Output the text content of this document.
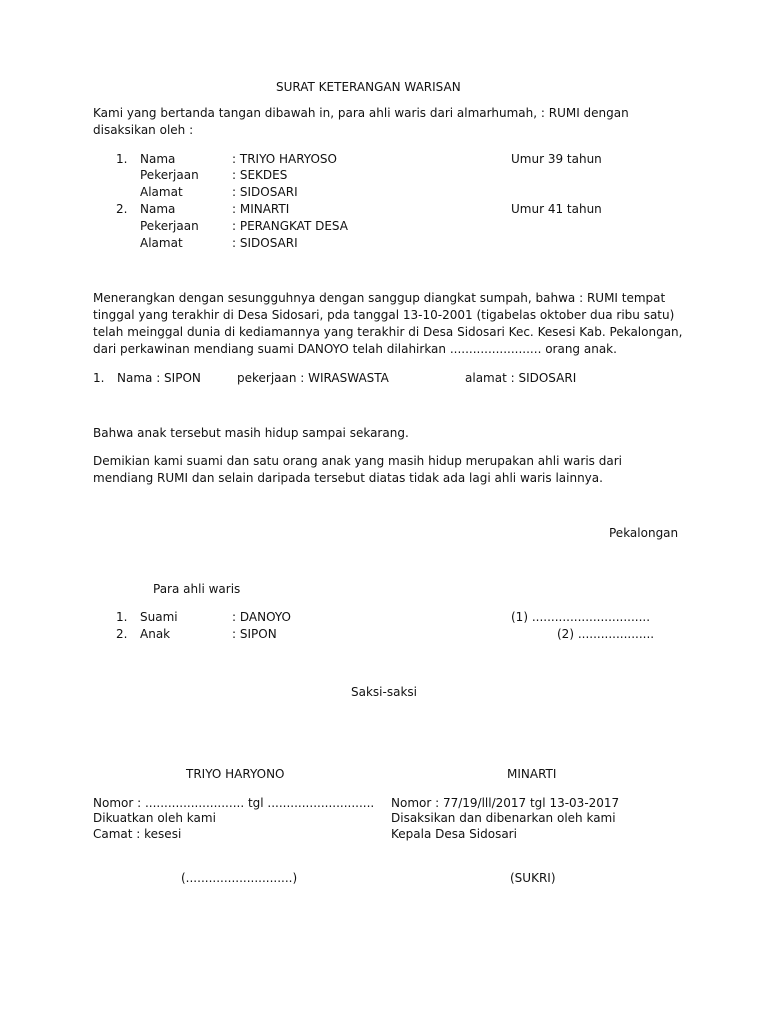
SURAT KETERANGAN WARISAN
Kami yang bertanda tangan dibawah in, para ahli waris dari almarhumah, : RUMI dengan disaksikan oleh :
1. Nama	: TRIYO HARYOSO	Umur 39 tahun
Pekerjaan	: SEKDES
Alamat	: SIDOSARI
2. Nama	: MINARTI	Umur 41 tahun
Pekerjaan	: PERANGKAT DESA
Alamat	: SIDOSARI
Menerangkan dengan sesungguhnya dengan sanggup diangkat sumpah, bahwa : RUMI tempat tinggal yang terakhir di Desa Sidosari, pda tanggal 13-10-2001 (tigabelas oktober dua ribu satu) telah meinggal dunia di kediamannya yang terakhir di Desa Sidosari Kec. Kesesi Kab. Pekalongan, dari perkawinan mendiang suami DANOYO telah dilahirkan ........................ orang anak.
1. Nama : SIPON	pekerjaan : WIRASWASTA	alamat : SIDOSARI
Bahwa anak tersebut masih hidup sampai sekarang.
Demikian kami suami dan satu orang anak yang masih hidup merupakan ahli waris dari mendiang RUMI dan selain daripada tersebut diatas tidak ada lagi ahli waris lainnya.
Pekalongan
Para ahli waris
1. Suami	: DANOYO	(1) ...............................
2. Anak	: SIPON	(2) ....................
Saksi-saksi
TRIYO HARYONO	MINARTI
Nomor : .......................... tgl ............................
Dikuatkan oleh kami
Camat : kesesi
(............................)
Nomor : 77/19/lll/2017 tgl 13-03-2017
Disaksikan dan dibenarkan oleh kami
Kepala Desa Sidosari
(SUKRI)
